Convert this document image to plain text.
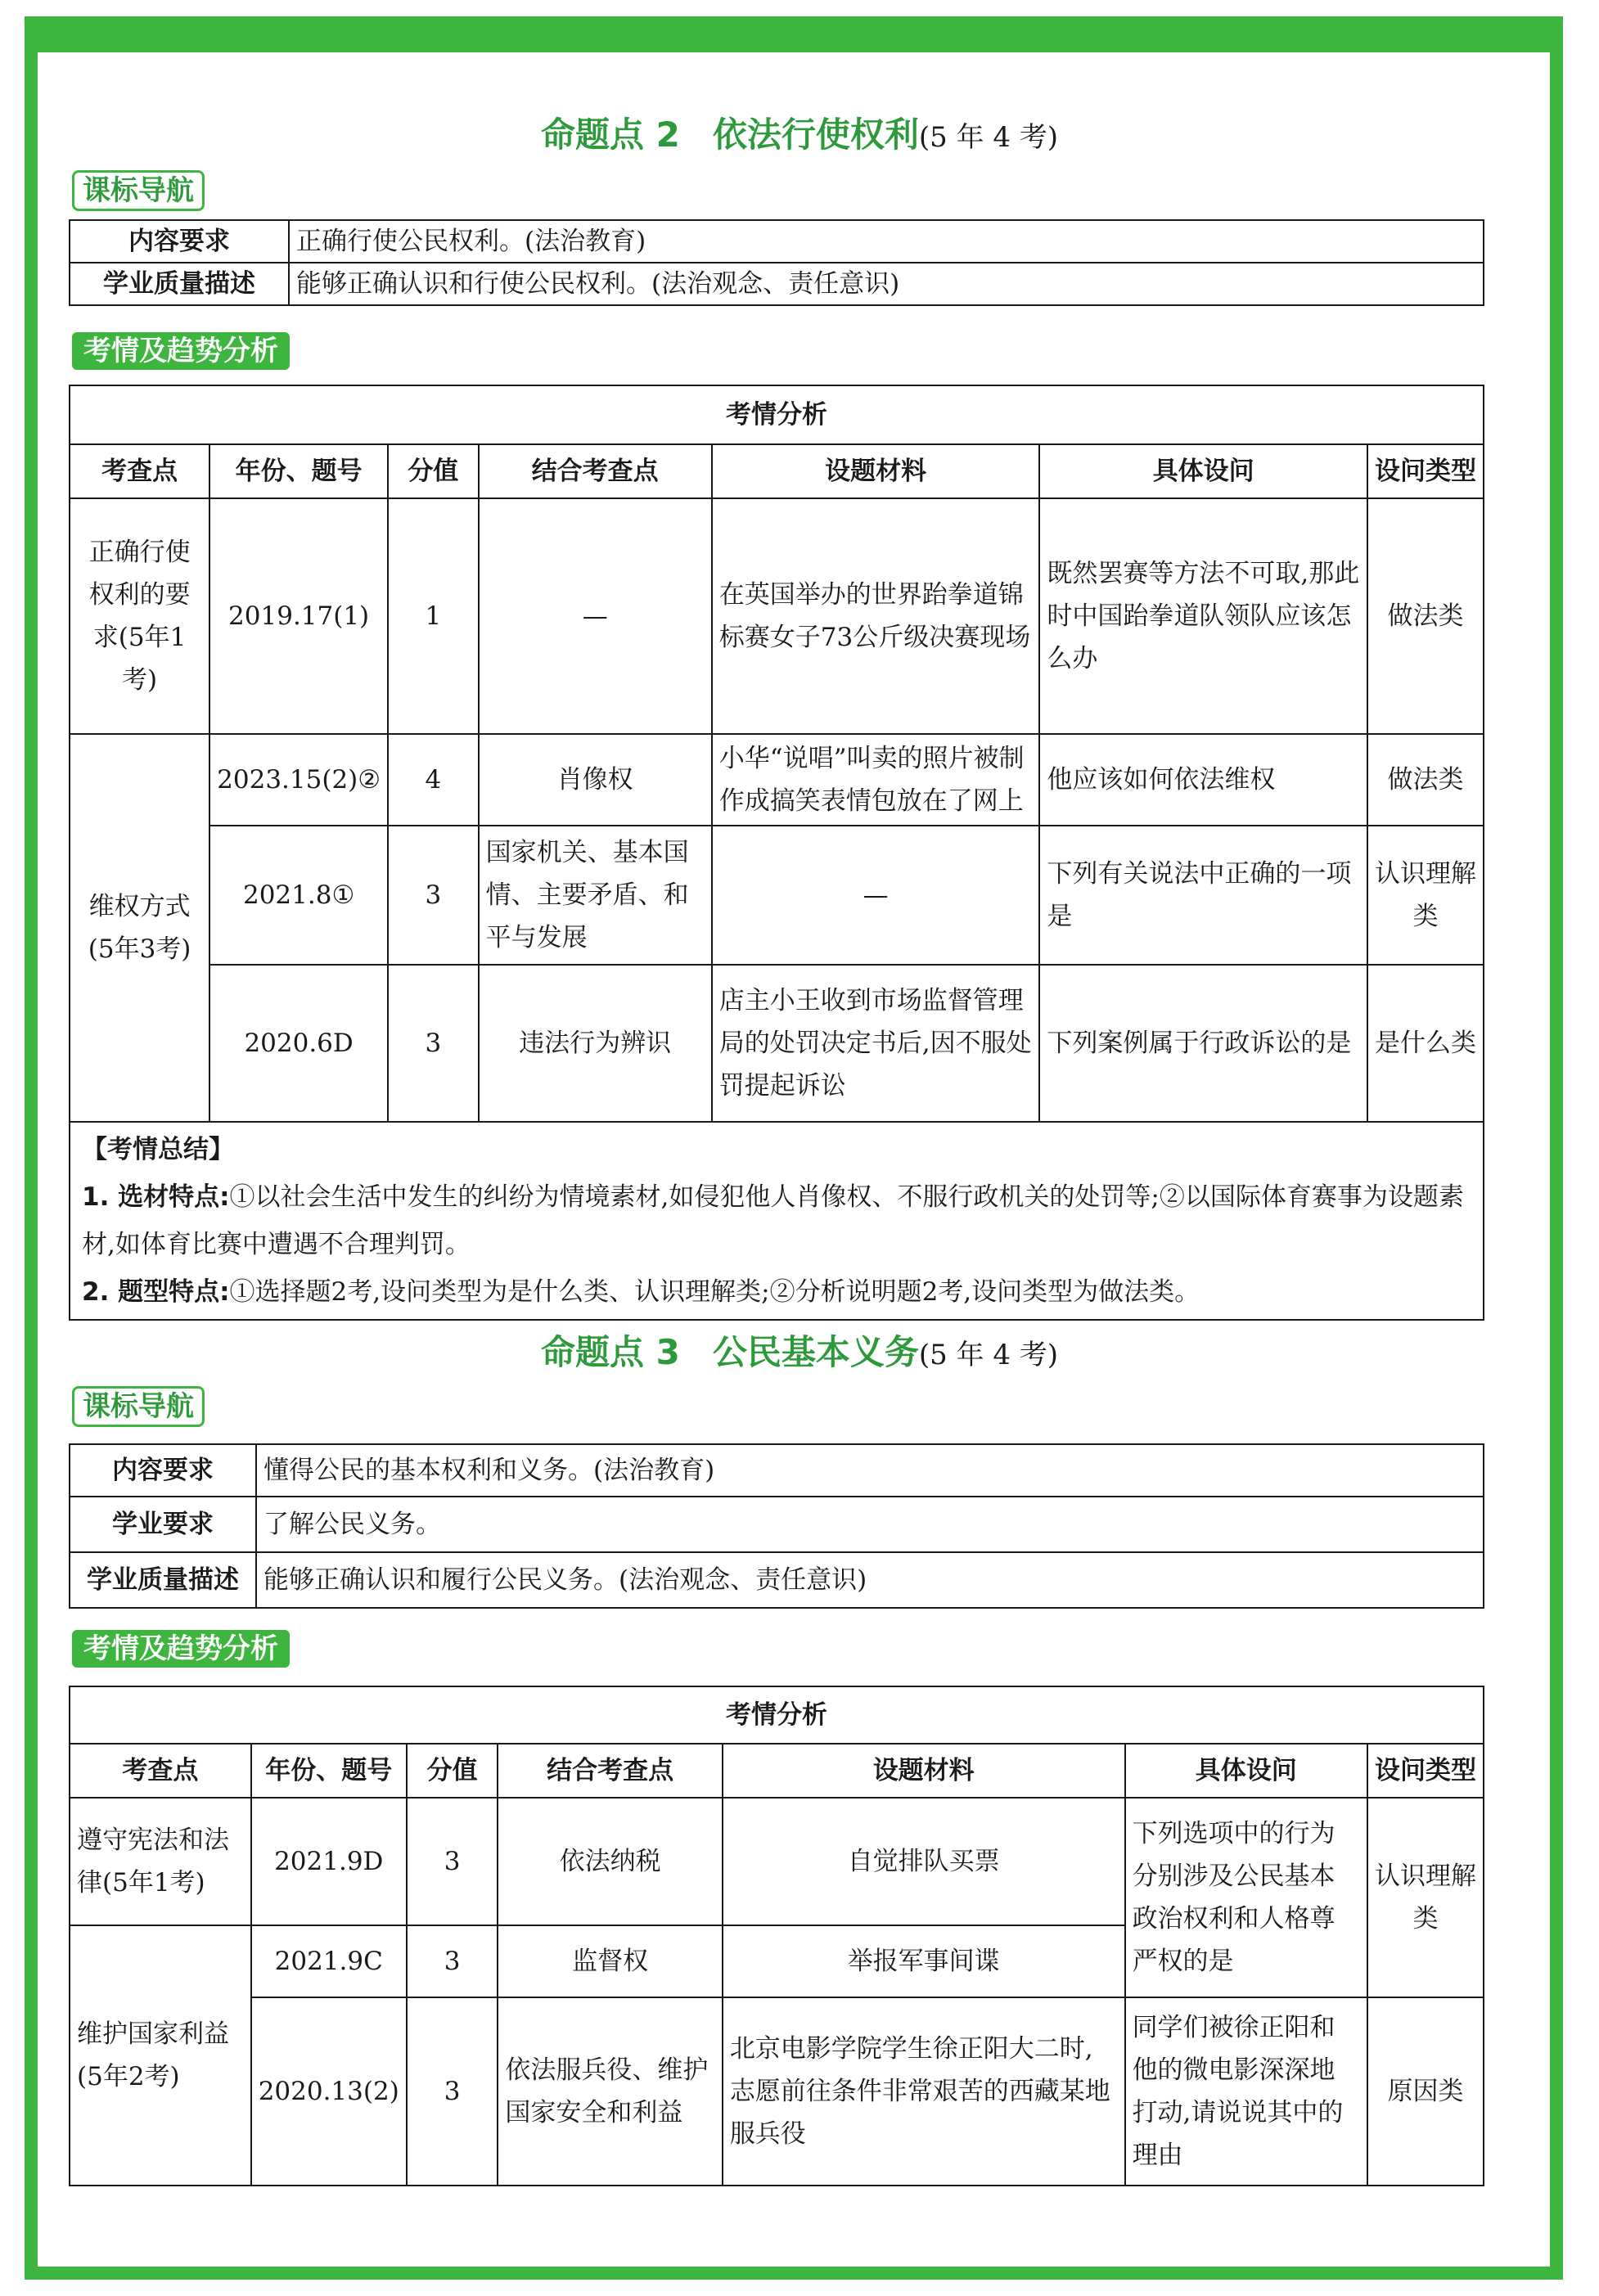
命题点 2 依法行使权利(5 年 4 考)
课标导航
内容要求	正确行使公民权利。(法治教育)
学业质量描述	能够正确认识和行使公民权利。(法治观念、责任意识)
考情及趋势分析
考情分析						
考查点	年份、题号	分值	结合考查点	设题材料	具体设问	设问类型
正确行使权利的要求(5年1考)	2019.17(1)	1	—	在英国举办的世界跆拳道锦标赛女子73公斤级决赛现场	既然罢赛等方法不可取,那此时中国跆拳道队领队应该怎么办	做法类
维权方式(5年3考)	2023.15(2)②	4	肖像权	小华“说唱”叫卖的照片被制作成搞笑表情包放在了网上	他应该如何依法维权	做法类
	2021.8①	3	国家机关、基本国情、主要矛盾、和平与发展	—	下列有关说法中正确的一项是	认识理解类
	2020.6D	3	违法行为辨识	店主小王收到市场监督管理局的处罚决定书后,因不服处罚提起诉讼	下列案例属于行政诉讼的是	是什么类

【考情总结】
1. 选材特点:①以社会生活中发生的纠纷为情境素材,如侵犯他人肖像权、不服行政机关的处罚等;②以国际体育赛事为设题素材,如体育比赛中遭遇不合理判罚。
2. 题型特点:①选择题2考,设问类型为是什么类、认识理解类;②分析说明题2考,设问类型为做法类。						
命题点 3 公民基本义务(5 年 4 考)
课标导航
内容要求	懂得公民的基本权利和义务。(法治教育)
学业要求	了解公民义务。
学业质量描述	能够正确认识和履行公民义务。(法治观念、责任意识)
考情及趋势分析
考情分析						
考查点	年份、题号	分值	结合考查点	设题材料	具体设问	设问类型
遵守宪法和法律(5年1考)	2021.9D	3	依法纳税	自觉排队买票	下列选项中的行为分别涉及公民基本政治权利和人格尊严权的是	认识理解类
维护国家利益(5年2考)	2021.9C	3	监督权	举报军事间谍		
	2020.13(2)	3	依法服兵役、维护国家安全和利益	北京电影学院学生徐正阳大二时,志愿前往条件非常艰苦的西藏某地服兵役	同学们被徐正阳和他的微电影深深地打动,请说说其中的理由	原因类
